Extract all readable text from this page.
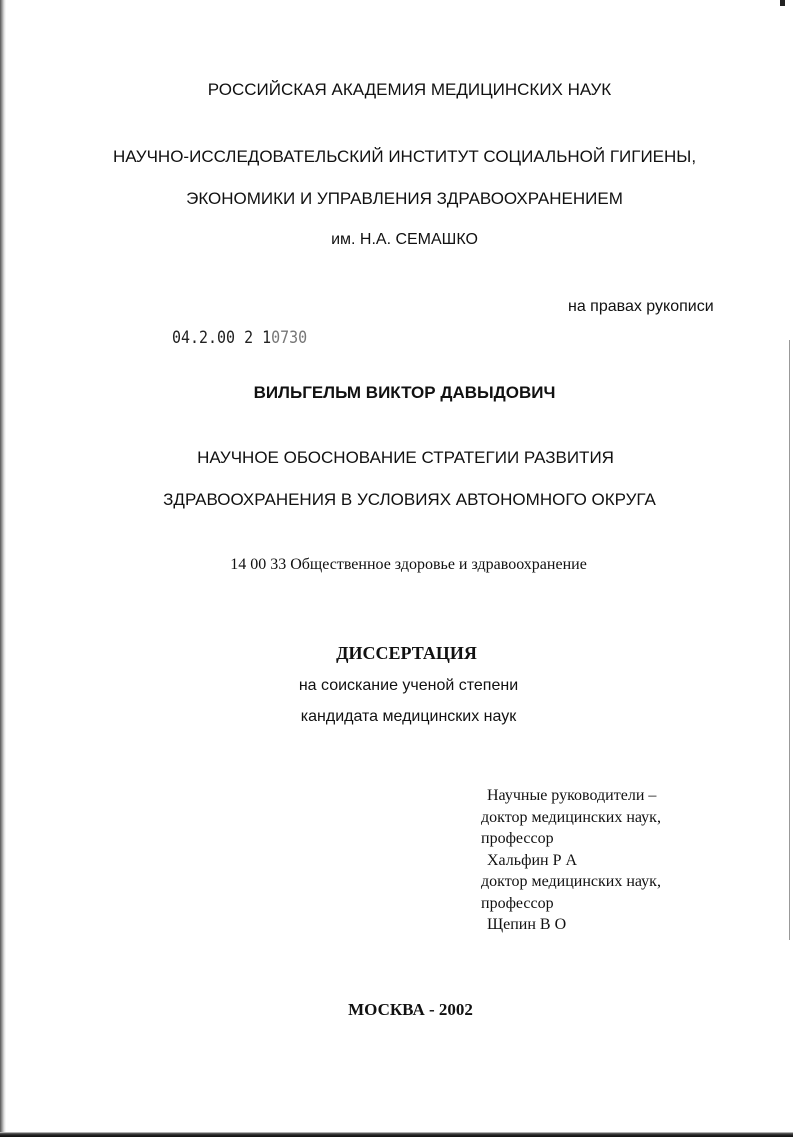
РОССИЙСКАЯ АКАДЕМИЯ МЕДИЦИНСКИХ НАУК
НАУЧНО-ИССЛЕДОВАТЕЛЬСКИЙ ИНСТИТУТ СОЦИАЛЬНОЙ ГИГИЕНЫ,
ЭКОНОМИКИ И УПРАВЛЕНИЯ ЗДРАВООХРАНЕНИЕМ
им. Н.А. СЕМАШКО
на правах рукописи
04.2.00 2 10730
ВИЛЬГЕЛЬМ ВИКТОР ДАВЫДОВИЧ
НАУЧНОЕ ОБОСНОВАНИЕ СТРАТЕГИИ РАЗВИТИЯ
ЗДРАВООХРАНЕНИЯ В УСЛОВИЯХ АВТОНОМНОГО ОКРУГА
14 00 33 Общественное здоровье и здравоохранение
ДИССЕРТАЦИЯ
на соискание ученой степени
кандидата медицинских наук
Научные руководители –
доктор медицинских наук,
профессор
Хальфин Р А
доктор медицинских наук,
профессор
Щепин В О
МОСКВА - 2002
